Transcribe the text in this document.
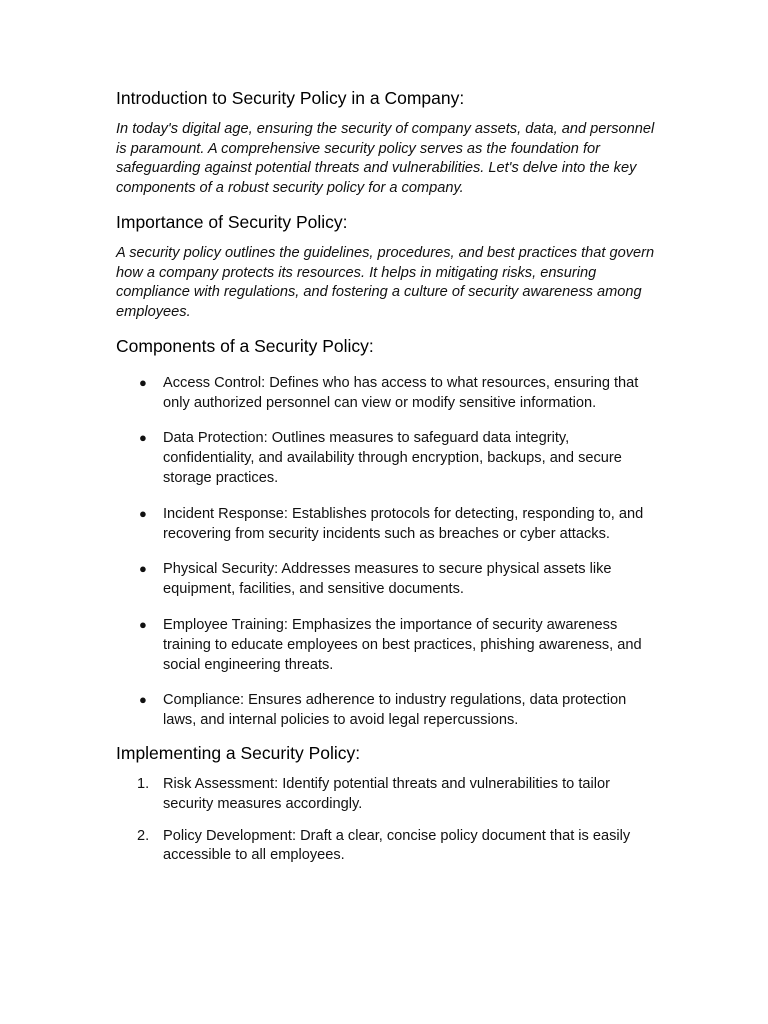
Introduction to Security Policy in a Company:

In today's digital age, ensuring the security of company assets, data, and personnel is paramount. A comprehensive security policy serves as the foundation for safeguarding against potential threats and vulnerabilities. Let's delve into the key components of a robust security policy for a company.

Importance of Security Policy:

A security policy outlines the guidelines, procedures, and best practices that govern how a company protects its resources. It helps in mitigating risks, ensuring compliance with regulations, and fostering a culture of security awareness among employees.

Components of a Security Policy:
● Access Control: Defines who has access to what resources, ensuring that only authorized personnel can view or modify sensitive information.
● Data Protection: Outlines measures to safeguard data integrity, confidentiality, and availability through encryption, backups, and secure storage practices.
● Incident Response: Establishes protocols for detecting, responding to, and recovering from security incidents such as breaches or cyber attacks.
● Physical Security: Addresses measures to secure physical assets like equipment, facilities, and sensitive documents.
● Employee Training: Emphasizes the importance of security awareness training to educate employees on best practices, phishing awareness, and social engineering threats.
● Compliance: Ensures adherence to industry regulations, data protection laws, and internal policies to avoid legal repercussions.
Implementing a Security Policy:
1. Risk Assessment: Identify potential threats and vulnerabilities to tailor security measures accordingly.
2. Policy Development: Draft a clear, concise policy document that is easily accessible to all employees.
